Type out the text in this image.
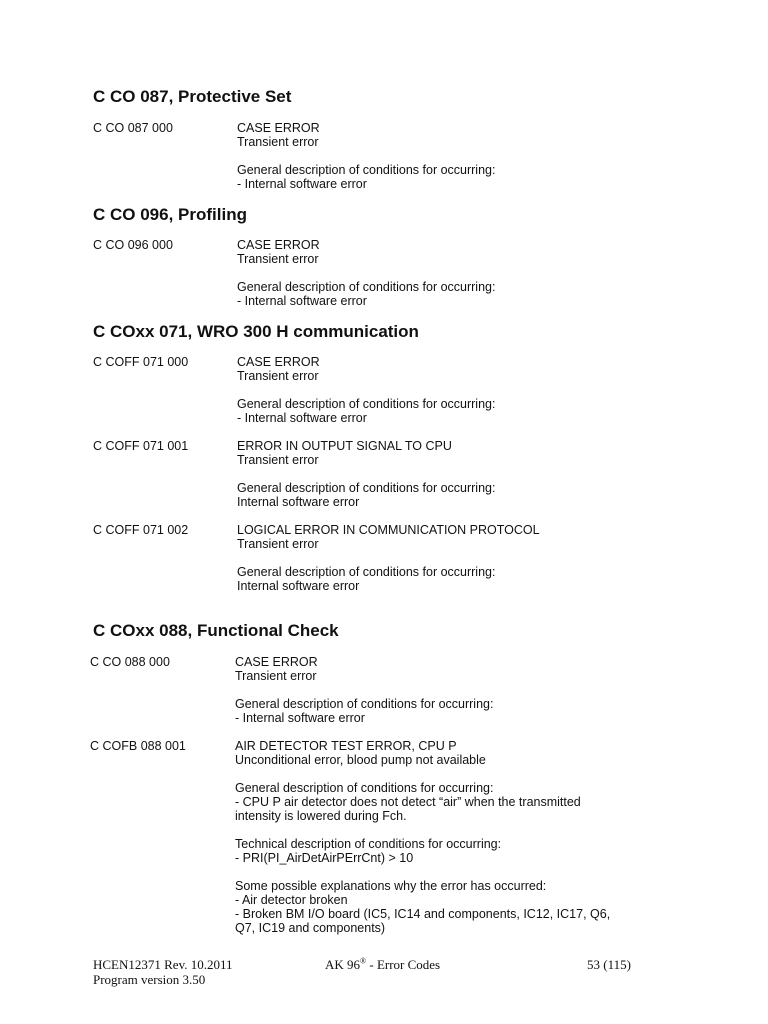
C CO 087, Protective Set
C CO 087 000	CASE ERROR
Transient error
General description of conditions for occurring:
- Internal software error
C CO 096, Profiling
C CO 096 000	CASE ERROR
Transient error
General description of conditions for occurring:
- Internal software error
C COxx 071, WRO 300 H communication
C COFF 071 000	CASE ERROR
Transient error
General description of conditions for occurring:
- Internal software error
C COFF 071 001	ERROR IN OUTPUT SIGNAL TO CPU
Transient error
General description of conditions for occurring:
Internal software error
C COFF 071 002	LOGICAL ERROR IN COMMUNICATION PROTOCOL
Transient error
General description of conditions for occurring:
Internal software error
C COxx 088, Functional Check
C CO 088 000	CASE ERROR
Transient error
General description of conditions for occurring:
- Internal software error
C COFB 088 001	AIR DETECTOR TEST ERROR, CPU P
Unconditional error, blood pump not available
General description of conditions for occurring:
- CPU P air detector does not detect “air” when the transmitted
intensity is lowered during Fch.
Technical description of conditions for occurring:
- PRI(PI_AirDetAirPErrCnt) > 10
Some possible explanations why the error has occurred:
- Air detector broken
- Broken BM I/O board (IC5, IC14 and components, IC12, IC17, Q6,
Q7, IC19 and components)
HCEN12371 Rev. 10.2011
Program version 3.50
AK 96® - Error Codes	53 (115)
